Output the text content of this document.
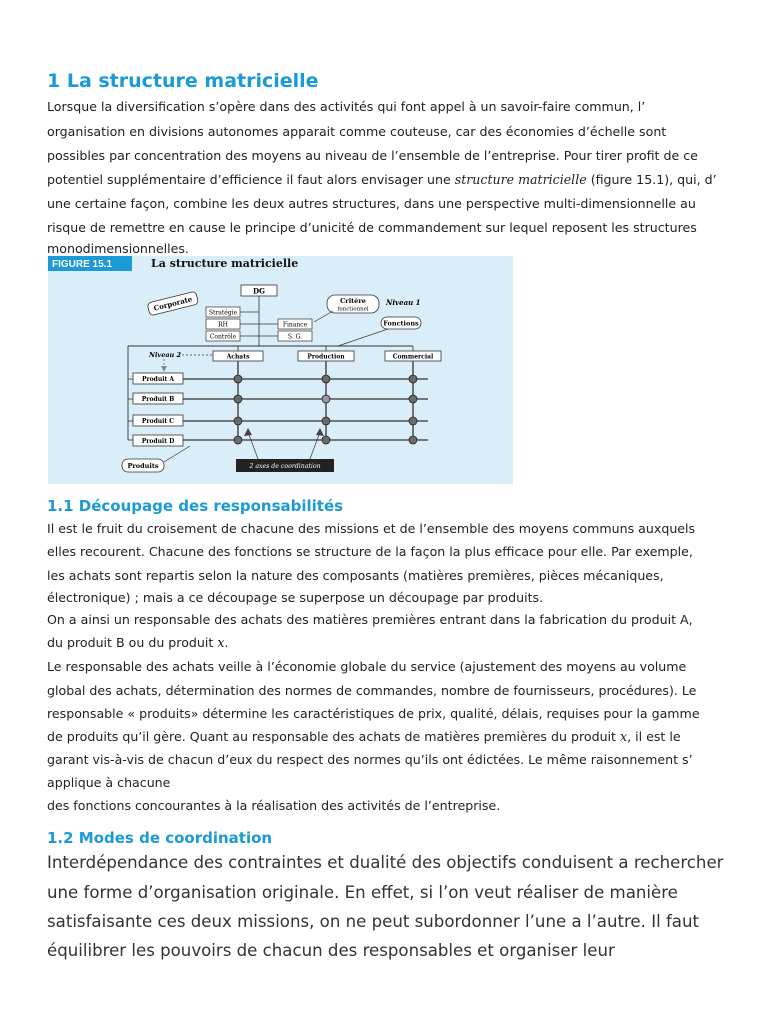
1 La structure matricielle
Lorsque la diversification s’opère dans des activités qui font appel à un savoir-faire commun, l’
organisation en divisions autonomes apparait comme couteuse, car des économies d’échelle sont
possibles par concentration des moyens au niveau de l’ensemble de l’entreprise. Pour tirer profit de ce
potentiel supplémentaire d’efficience il faut alors envisager une structure matricielle (figure 15.1), qui, d’
une certaine façon, combine les deux autres structures, dans une perspective multi-dimensionnelle au
risque de remettre en cause le principe d’unicité de commandement sur lequel reposent les structures
monodimensionnelles.
FIGURE 15.1	La structure matricielle
DG
Corporate
Stratégie
RH
Contrôle
Finance
S. G.
Critère
fonctionnel
Niveau 1
Fonctions
Niveau 2	Achats	Production	Commercial
Produit A
Produit B
Produit C
Produit D
Produits	2 axes de coordination
1.1 Découpage des responsabilités
Il est le fruit du croisement de chacune des missions et de l’ensemble des moyens communs auxquels
elles recourent. Chacune des fonctions se structure de la façon la plus efficace pour elle. Par exemple,
les achats sont repartis selon la nature des composants (matières premières, pièces mécaniques,
électronique) ; mais a ce découpage se superpose un découpage par produits.
On a ainsi un responsable des achats des matières premières entrant dans la fabrication du produit A,
du produit B ou du produit x.
Le responsable des achats veille à l’économie globale du service (ajustement des moyens au volume
global des achats, détermination des normes de commandes, nombre de fournisseurs, procédures). Le
responsable « produits» détermine les caractéristiques de prix, qualité, délais, requises pour la gamme
de produits qu’il gère. Quant au responsable des achats de matières premières du produit x, il est le
garant vis-à-vis de chacun d’eux du respect des normes qu’ils ont édictées. Le même raisonnement s’
applique à chacune
des fonctions concourantes à la réalisation des activités de l’entreprise.
1.2 Modes de coordination
Interdépendance des contraintes et dualité des objectifs conduisent a rechercher
une forme d’organisation originale. En effet, si l’on veut réaliser de manière
satisfaisante ces deux missions, on ne peut subordonner l’une a l’autre. Il faut
équilibrer les pouvoirs de chacun des responsables et organiser leur
